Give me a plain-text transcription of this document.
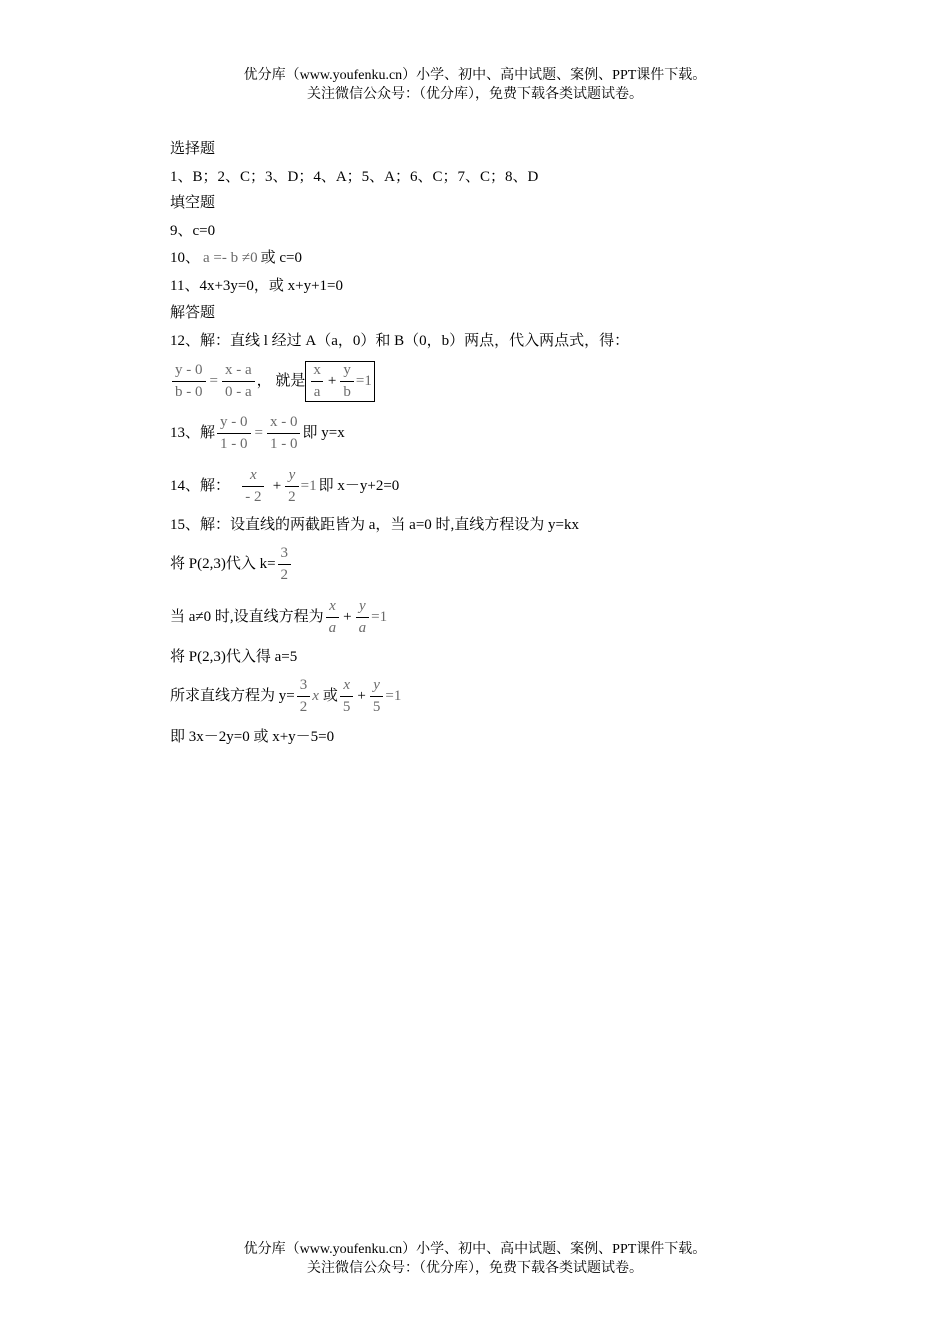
优分库（www.youfenku.cn）小学、初中、高中试题、案例、PPT课件下载。
关注微信公众号：（优分库），免费下载各类试题试卷。
选择题
1、B；2、C；3、D；4、A；5、A；6、C；7、C；8、D
填空题
9、c=0
10、 a =- b ≠0 或 c=0
11、4x+3y=0，或 x+y+1=0
解答题
12、解：直线 l 经过 A（a，0）和 B（0，b）两点，代入两点式，得：
$\frac{y - 0}{b - 0} = \frac{x - a}{0 - a}$ ， 就是 $\frac{x}{a} + \frac{y}{b} =1$
13、解 $\frac{y - 0}{1 - 0} = \frac{x - 0}{1 - 0}$ 即 y=x
14、解： $\frac{x}{- 2} + \frac{y}{2} =1$ 即 x－y+2=0
15、解：设直线的两截距皆为 a，当 a=0 时,直线方程设为 y=kx
将 P(2,3)代入 $k= \frac{3}{2}$
当 a≠0 时,设直线方程为 $\frac{x}{a} + \frac{y}{a} =1$
将 P(2,3)代入得 a=5
所求直线方程为 $y= \frac{3}{2}$ x 或 $\frac{x}{5} + \frac{y}{5} =1$
即 3x－2y=0 或 x+y－5=0
优分库（www.youfenku.cn）小学、初中、高中试题、案例、PPT课件下载。
关注微信公众号：（优分库），免费下载各类试题试卷。
